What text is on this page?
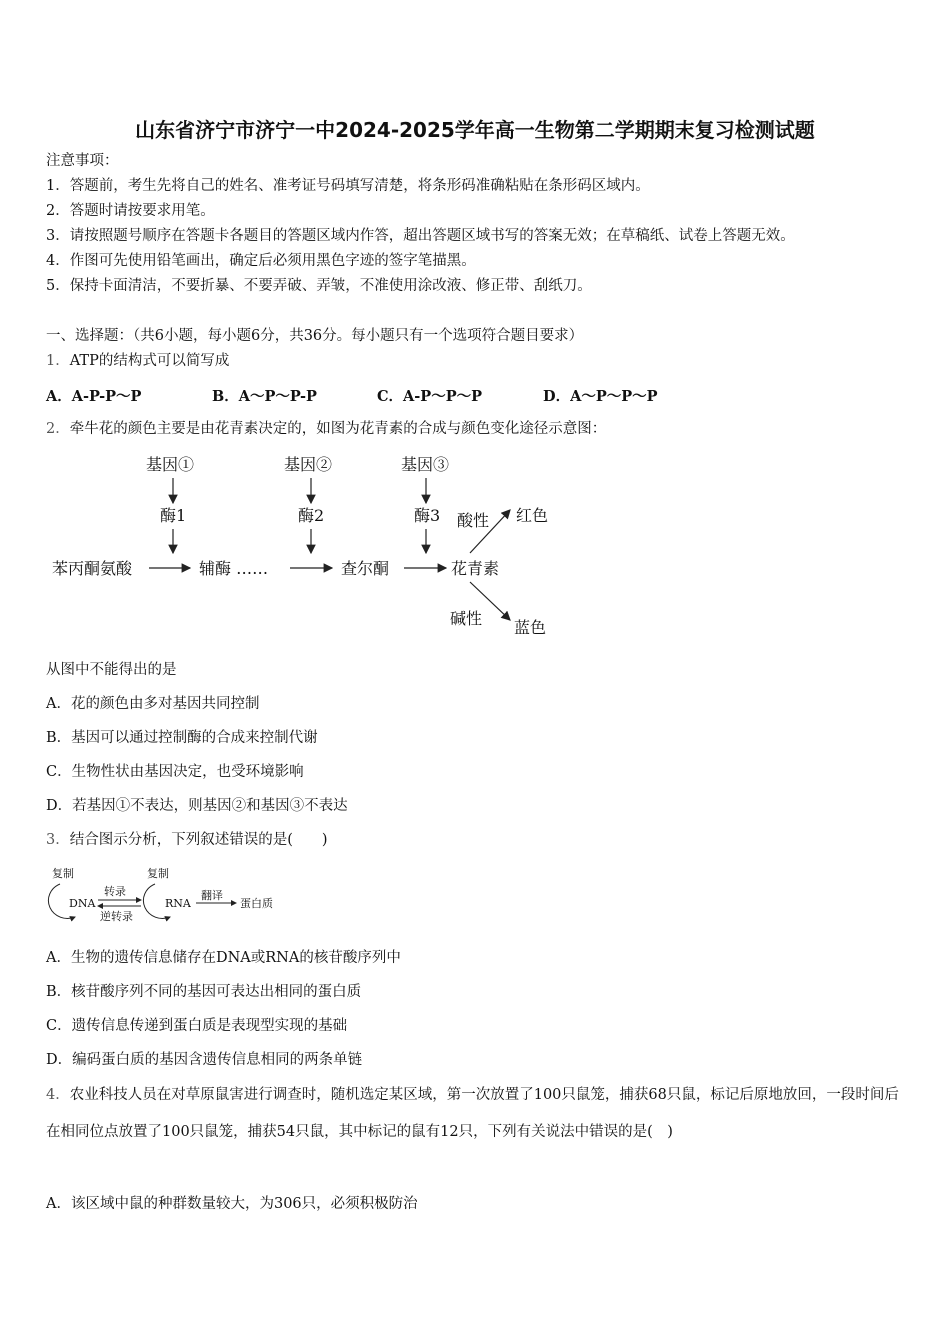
山东省济宁市济宁一中2024-2025学年高一生物第二学期期末复习检测试题
注意事项：
1．答题前，考生先将自己的姓名、准考证号码填写清楚，将条形码准确粘贴在条形码区域内。
2．答题时请按要求用笔。
3．请按照题号顺序在答题卡各题目的答题区域内作答，超出答题区域书写的答案无效；在草稿纸、试卷上答题无效。
4．作图可先使用铅笔画出，确定后必须用黑色字迹的签字笔描黑。
5．保持卡面清洁，不要折暴、不要弄破、弄皱，不准使用涂改液、修正带、刮纸刀。
一、选择题：（共6小题，每小题6分，共36分。每小题只有一个选项符合题目要求）
1．ATP的结构式可以简写成
A．A-P-P～P	B．A～P～P-P	C．A-P～P～P	D．A～P～P～P
2．牵牛花的颜色主要是由花青素决定的，如图为花青素的合成与颜色变化途径示意图：
基因①	基因②	基因③
酶1	酶2	酶3
苯丙酮氨酸	辅酶 ……	查尔酮	花青素
酸性 红色
碱性 蓝色
从图中不能得出的是
A．花的颜色由多对基因共同控制
B．基因可以通过控制酶的合成来控制代谢
C．生物性状由基因决定，也受环境影响
D．若基因①不表达，则基因②和基因③不表达
3．结合图示分析，下列叙述错误的是(　　)
复制
DNA
转录
逆转录
复制
RNA
翻译
蛋白质
A．生物的遗传信息储存在DNA或RNA的核苷酸序列中
B．核苷酸序列不同的基因可表达出相同的蛋白质
C．遗传信息传递到蛋白质是表现型实现的基础
D．编码蛋白质的基因含遗传信息相同的两条单链
4．农业科技人员在对草原鼠害进行调查时，随机选定某区域，第一次放置了100只鼠笼，捕获68只鼠，标记后原地放回，一段时间后在相同位点放置了100只鼠笼，捕获54只鼠，其中标记的鼠有12只，下列有关说法中错误的是(　)
A．该区域中鼠的种群数量较大，为306只，必须积极防治
